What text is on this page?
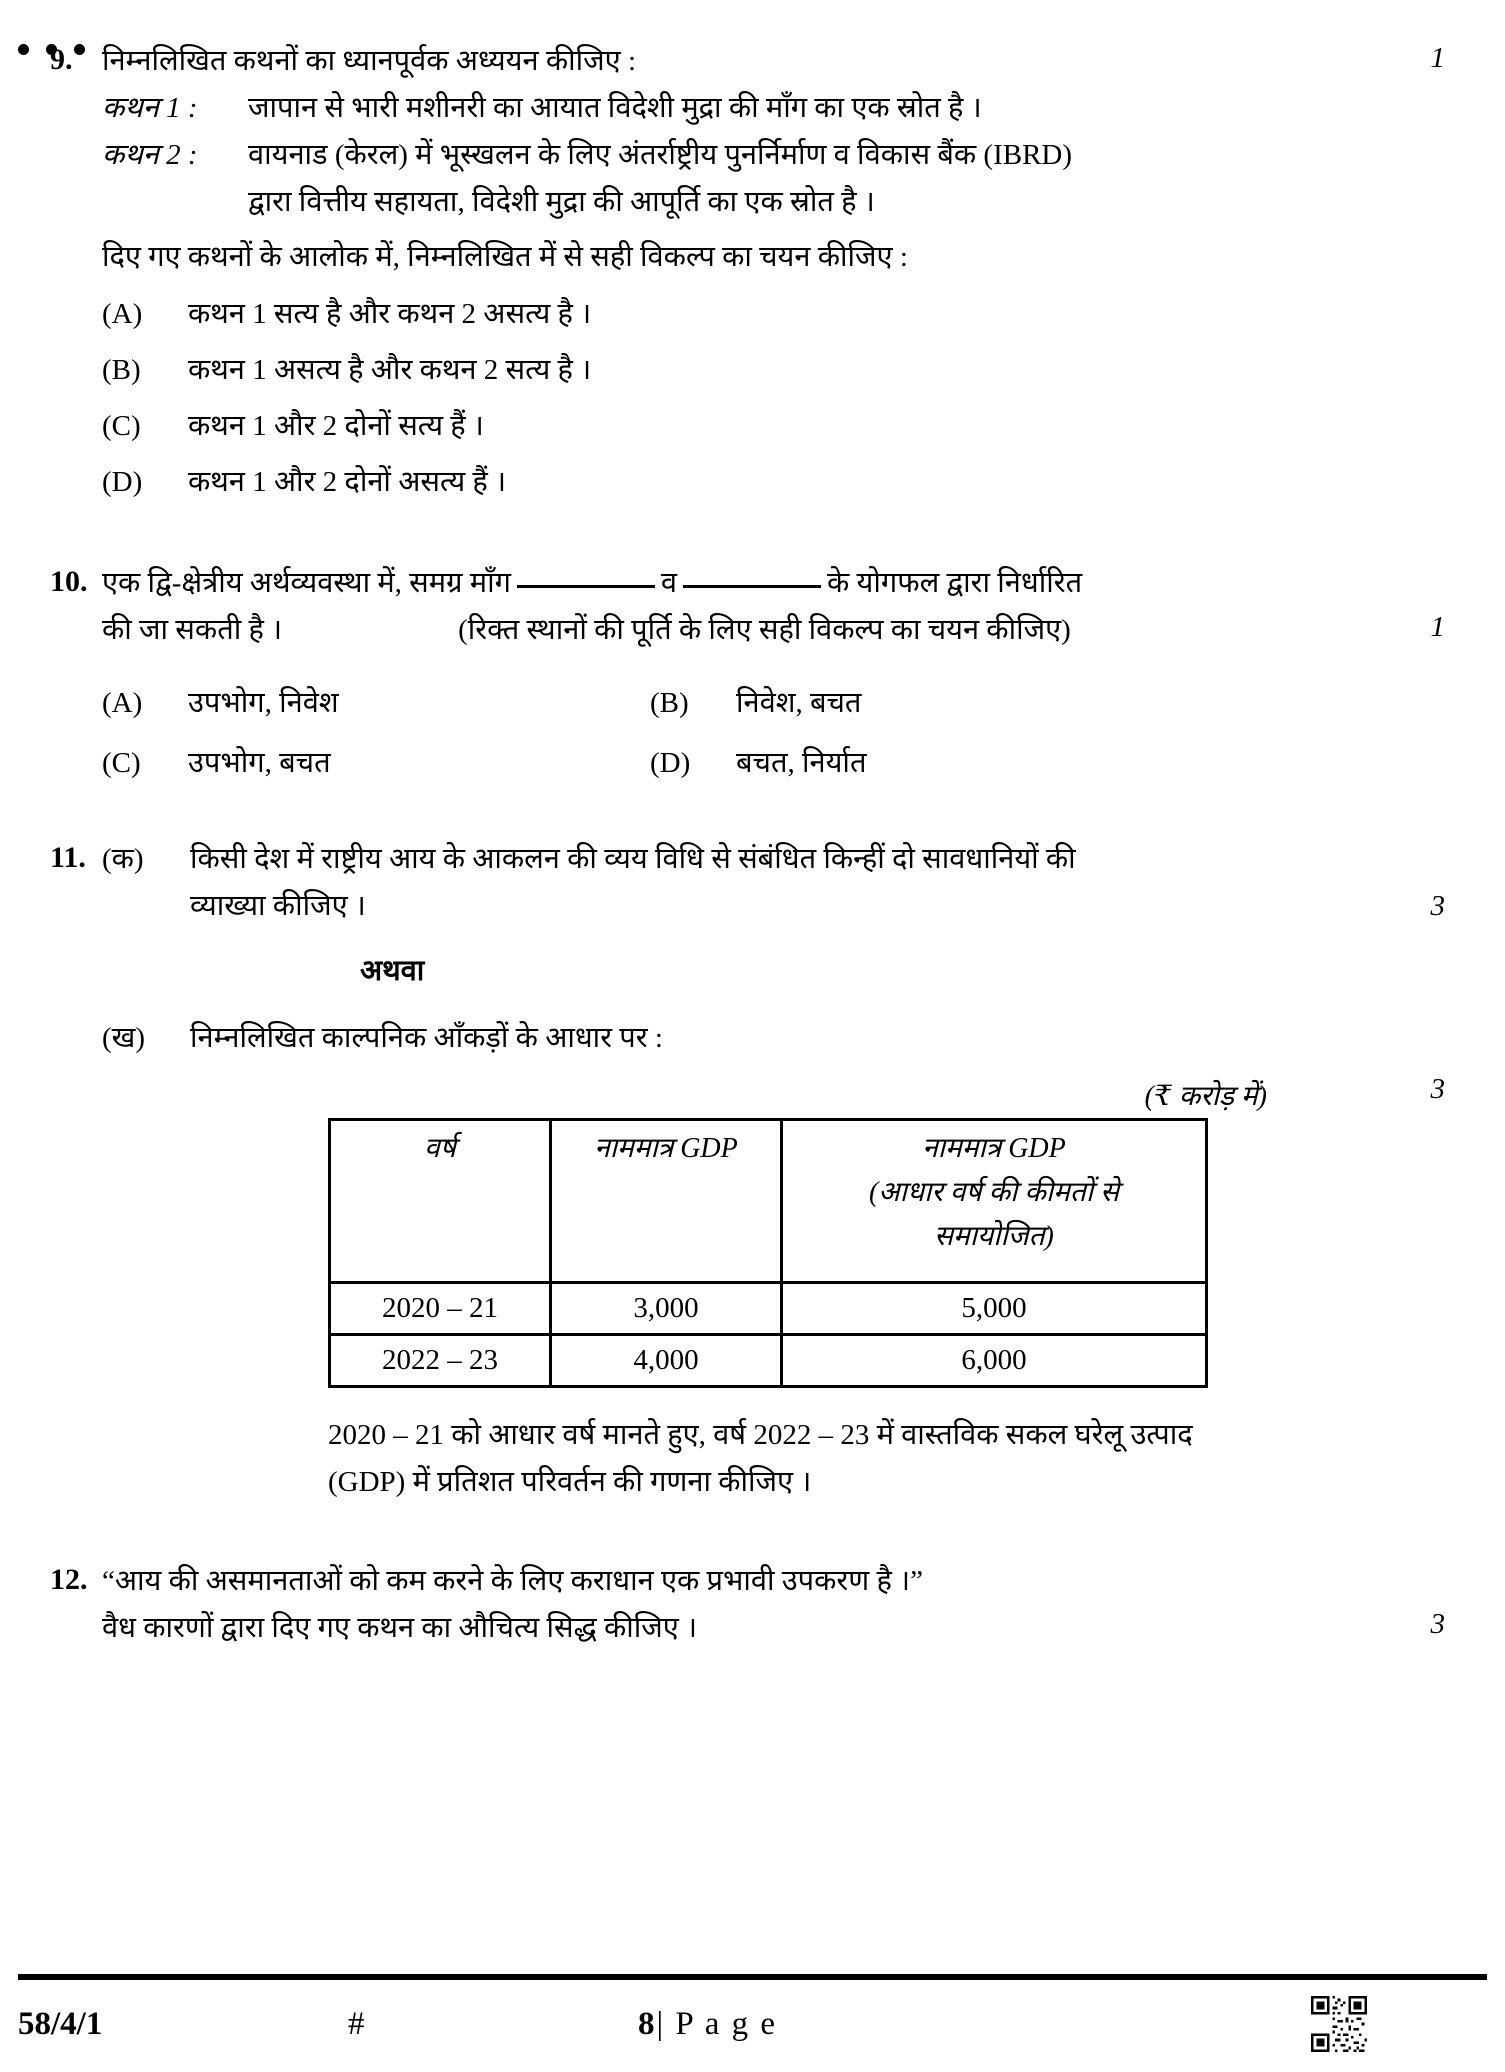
9.	निम्नलिखित कथनों का ध्यानपूर्वक अध्ययन कीजिए :
कथन 1 :	जापान से भारी मशीनरी का आयात विदेशी मुद्रा की माँग का एक स्रोत है ।
कथन 2 :	वायनाड (केरल) में भूस्खलन के लिए अंतर्राष्ट्रीय पुनर्निर्माण व विकास बैंक (IBRD)
द्वारा वित्तीय सहायता, विदेशी मुद्रा की आपूर्ति का एक स्रोत है ।
दिए गए कथनों के आलोक में, निम्नलिखित में से सही विकल्प का चयन कीजिए :
(A)	कथन 1 सत्य है और कथन 2 असत्य है ।
(B)	कथन 1 असत्य है और कथन 2 सत्य है ।
(C)	कथन 1 और 2 दोनों सत्य हैं ।
(D)	कथन 1 और 2 दोनों असत्य हैं ।
1
10. एक द्वि-क्षेत्रीय अर्थव्यवस्था में, समग्र माँग	व	के योगफल द्वारा निर्धारित
की जा सकती है ।	(रिक्त स्थानों की पूर्ति के लिए सही विकल्प का चयन कीजिए)
(A)	उपभोग, निवेश	(B)	निवेश, बचत
(C)	उपभोग, बचत	(D)	बचत, निर्यात
1
11. (क)	किसी देश में राष्ट्रीय आय के आकलन की व्यय विधि से संबंधित किन्हीं दो सावधानियों की
व्याख्या कीजिए ।
अथवा
(ख)	निम्नलिखित काल्पनिक आँकड़ों के आधार पर :
(₹ करोड़ में)
वर्ष	नाममात्र GDP	नाममात्र GDP
(आधार वर्ष की कीमतों से
समायोजित)

2020 – 21	3,000	5,000
2022 – 23	4,000	6,000
2020 – 21 को आधार वर्ष मानते हुए, वर्ष 2022 – 23 में वास्तविक सकल घरेलू उत्पाद
(GDP) में प्रतिशत परिवर्तन की गणना कीजिए ।
3
3
12. “आय की असमानताओं को कम करने के लिए कराधान एक प्रभावी उपकरण है ।”
वैध कारणों द्वारा दिए गए कथन का औचित्य सिद्ध कीजिए ।	3
58/4/1	#	8| P a g e
